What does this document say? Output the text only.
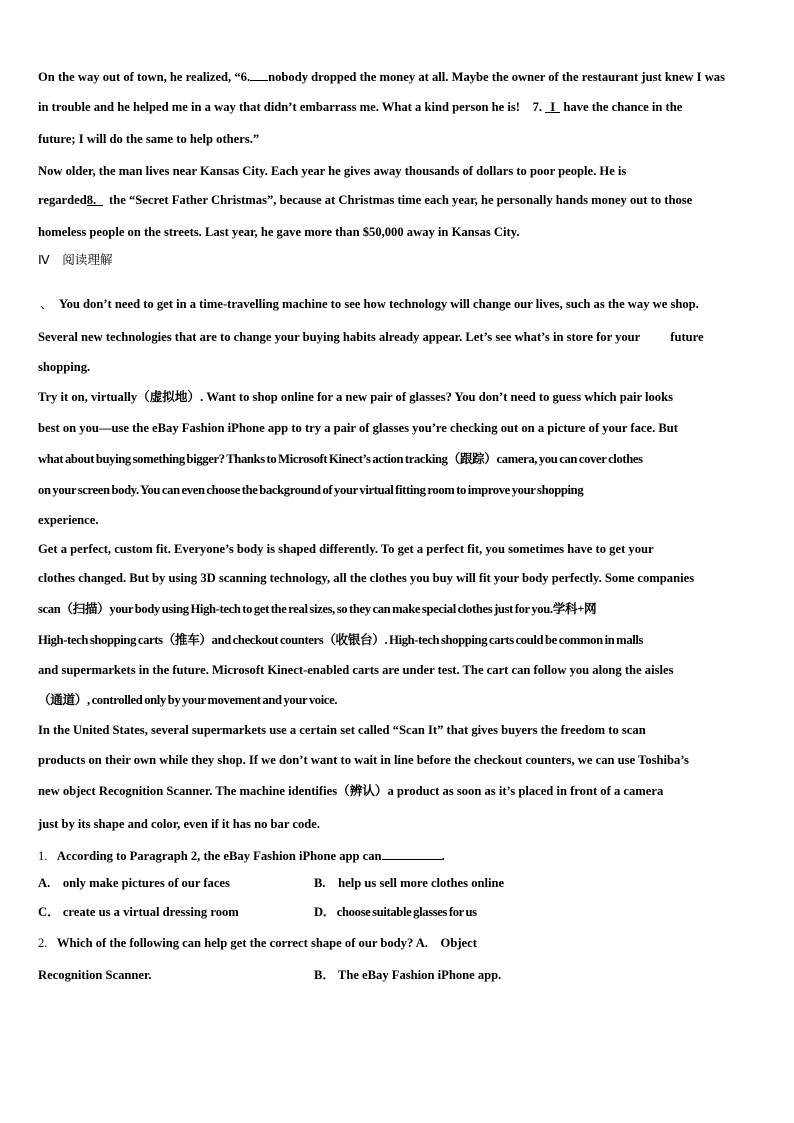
On the way out of town, he realized, “6. nobody dropped the money at all. Maybe the owner of the restaurant just knew I was
in trouble and he helped me in a way that didn’t embarrass me. What a kind person he is! 7. I have the chance in the
future; I will do the same to help others.”
Now older, the man lives near Kansas City. Each year he gives away thousands of dollars to poor people. He is
regarded8. the “Secret Father Christmas”, because at Christmas time each year, he personally hands money out to those
homeless people on the streets. Last year, he gave more than $50,000 away in Kansas City.
Ⅳ　阅读理解
、 You don’t need to get in a time-travelling machine to see how technology will change our lives, such as the way we shop.
Several new technologies that are to change your buying habits already appear. Let’s see what’s in store for your future
shopping.
Try it on, virtually（虚拟地）. Want to shop online for a new pair of glasses? You don’t need to guess which pair looks
best on you—use the eBay Fashion iPhone app to try a pair of glasses you’re checking out on a picture of your face. But
what about buying something bigger? Thanks to Microsoft Kinect’s action tracking（跟踪）camera, you can cover clothes
on your screen body. You can even choose the background of your virtual fitting room to improve your shopping
experience.
Get a perfect, custom fit. Everyone’s body is shaped differently. To get a perfect fit, you sometimes have to get your
clothes changed. But by using 3D scanning technology, all the clothes you buy will fit your body perfectly. Some companies
scan（扫描）your body using High-tech to get the real sizes, so they can make special clothes just for you.学科+网
High-tech shopping carts（推车）and checkout counters（收银台）. High-tech shopping carts could be common in malls
and supermarkets in the future. Microsoft Kinect-enabled carts are under test. The cart can follow you along the aisles
（通道）, controlled only by your movement and your voice.
In the United States, several supermarkets use a certain set called “Scan It” that gives buyers the freedom to scan
products on their own while they shop. If we don’t want to wait in line before the checkout counters, we can use Toshiba’s
new object Recognition Scanner. The machine identifies（辨认）a product as soon as it’s placed in front of a camera
just by its shape and color, even if it has no bar code.
1. According to Paragraph 2, the eBay Fashion iPhone app can	.
A.　only make pictures of our faces	B.　help us sell more clothes online
C． create us a virtual dressing room	D． choose suitable glasses for us
2. Which of the following can help get the correct shape of our body? A.　Object
Recognition Scanner.	B． The eBay Fashion iPhone app.
